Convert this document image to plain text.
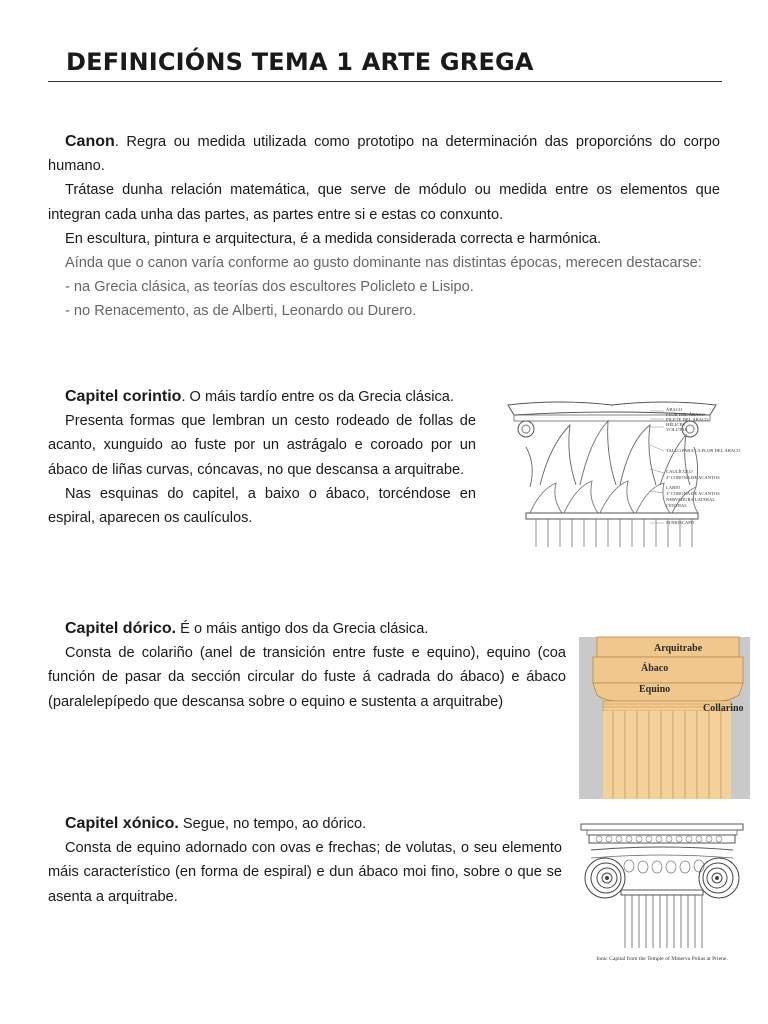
DEFINICIÓNS TEMA 1 ARTE GREGA

Canon. Regra ou medida utilizada como prototipo na determinación das proporcións do corpo humano.

Trátase dunha relación matemática, que serve de módulo ou medida entre os elementos que integran cada unha das partes, as partes entre si e estas co conxunto.

En escultura, pintura e arquitectura, é a medida considerada correcta e harmónica.

Aínda que o canon varía conforme ao gusto dominante nas distintas épocas, merecen destacarse:

- na Grecia clásica, as teorías dos escultores Policleto e Lisipo.

- no Renacemento, as de Alberti, Leonardo ou Durero.

Capitel corintio. O máis tardío entre os da Grecia clásica.

Presenta formas que lembran un cesto rodeado de follas de acanto, xunguido ao fuste por un astrágalo e coroado por un ábaco de liñas curvas, cóncavas, no que descansa a arquitrabe.

Nas esquinas do capitel, a baixo o ábaco, torcéndose en espiral, aparecen os caulículos.

ÁBACO
FLOR DEL ÁBACO
FILETE DEL ÁBACO
HÉLICES
VOLUTAS
TALLO PARA LA FLOR DEL ÁBACO
CAULÍCULO
2ª CORONA DE ACANTOS
LABIO
1ª CORONA DE ACANTOS
NERVADURA LATERAL
CENTRAL
SUMOSCAPO

Capitel dórico. É o máis antigo dos da Grecia clásica.

Consta de colariño (anel de transición entre fuste e equino), equino (coa función de pasar da sección circular do fuste á cadrada do ábaco) e ábaco (paralelepípedo que descansa sobre o equino e sustenta a arquitrabe)

Arquitrabe
Ábaco
Equino
Collarino

Capitel xónico. Segue, no tempo, ao dórico.

Consta de equino adornado con ovas e frechas; de volutas, o seu elemento máis característico (en forma de espiral) e dun ábaco moi fino, sobre o que se asenta a arquitrabe.

Ionic Capital from the Temple of Minerva Polias at Priene.
